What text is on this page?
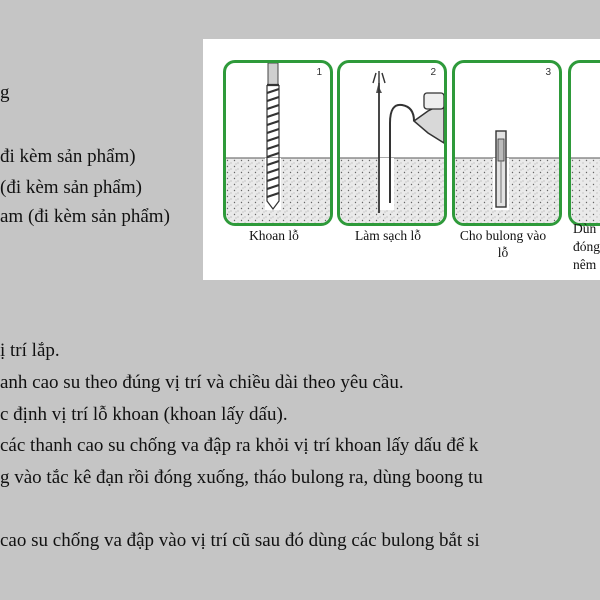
g
đi kèm sản phẩm)
(đi kèm sản phẩm)
am (đi kèm sản phẩm)
ị trí lắp.
anh cao su theo đúng vị trí và chiều dài theo yêu cầu.
c định vị trí lỗ khoan (khoan lấy dấu).
các thanh cao su chống va đập ra khỏi vị trí khoan lấy dấu để k
g vào tắc kê đạn rồi đóng xuống, tháo bulong ra, dùng boong tu
cao su chống va đập vào vị trí cũ sau đó dùng các bulong bắt si
1
Khoan lỗ
2
Làm sạch lỗ
3
Cho bulong vào lỗ
Dùn
đóng
nêm
